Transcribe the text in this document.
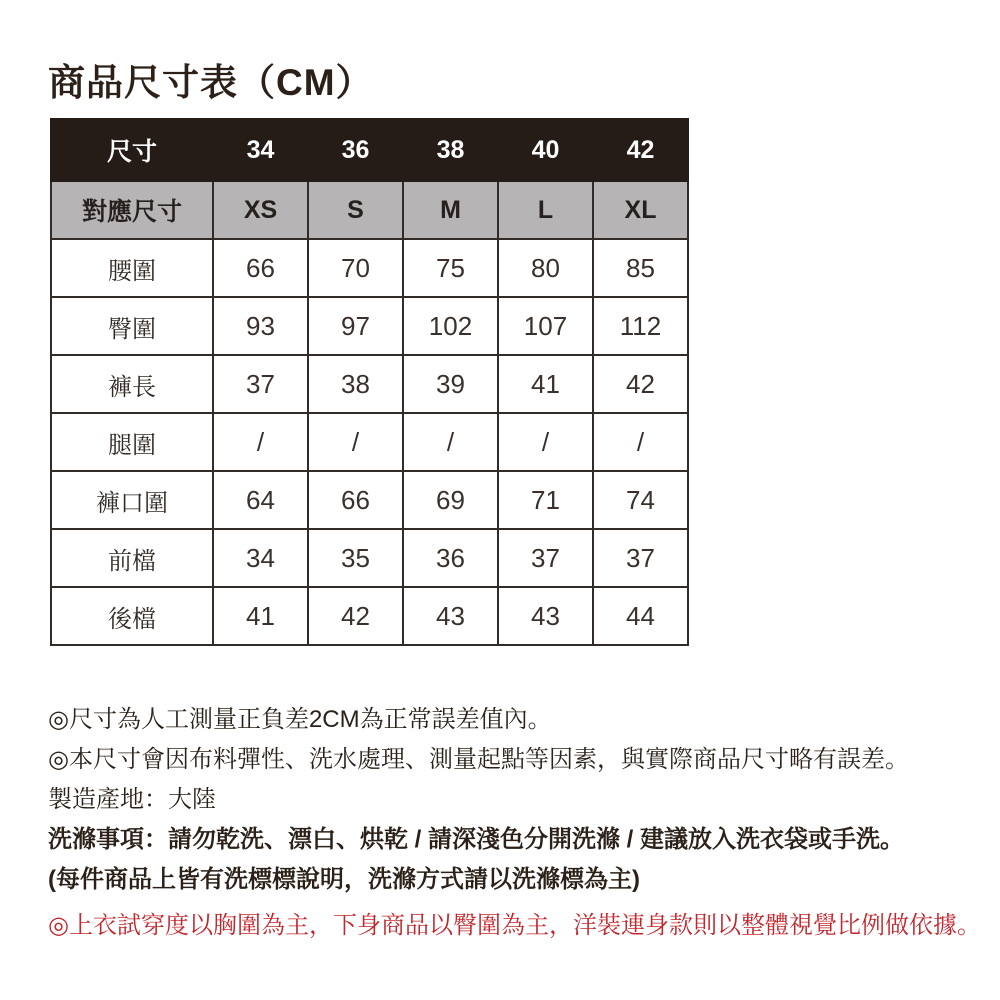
商品尺寸表（CM）
尺寸	34	36	38	40	42
對應尺寸	XS	S	M	L	XL
腰圍	66	70	75	80	85
臀圍	93	97	102	107	112
褲長	37	38	39	41	42
腿圍	/	/	/	/	/
褲口圍	64	66	69	71	74
前檔	34	35	36	37	37
後檔	41	42	43	43	44

◎尺寸為人工測量正負差2CM為正常誤差值內。

◎本尺寸會因布料彈性、洗水處理、測量起點等因素，與實際商品尺寸略有誤差。

製造產地：大陸

洗滌事項：請勿乾洗、漂白、烘乾 / 請深淺色分開洗滌 / 建議放入洗衣袋或手洗。

(每件商品上皆有洗標標說明，洗滌方式請以洗滌標為主)

◎上衣試穿度以胸圍為主，下身商品以臀圍為主，洋裝連身款則以整體視覺比例做依據。
